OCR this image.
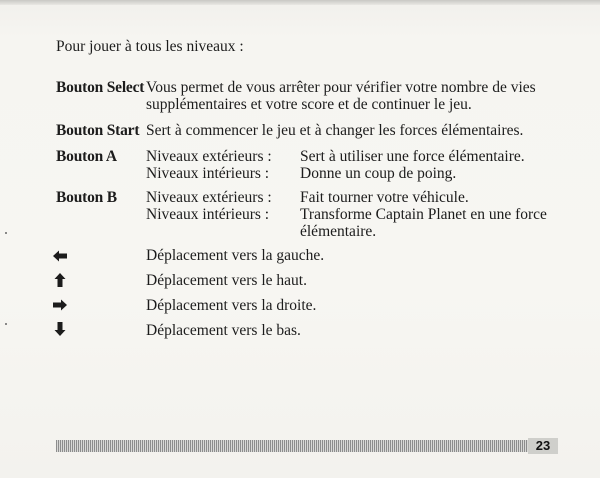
Pour jouer à tous les niveaux :
Bouton Select Vous permet de vous arrêter pour vérifier votre nombre de vies
supplémentaires et votre score et de continuer le jeu.
Bouton Start Sert à commencer le jeu et à changer les forces élémentaires.
Bouton A Niveaux extérieurs : Sert à utiliser une force élémentaire.
Niveaux intérieurs : Donne un coup de poing.
Bouton B Niveaux extérieurs : Fait tourner votre véhicule.
Niveaux intérieurs : Transforme Captain Planet en une force
élémentaire.
Déplacement vers la gauche.
Déplacement vers le haut.
Déplacement vers la droite.
Déplacement vers le bas.
23
